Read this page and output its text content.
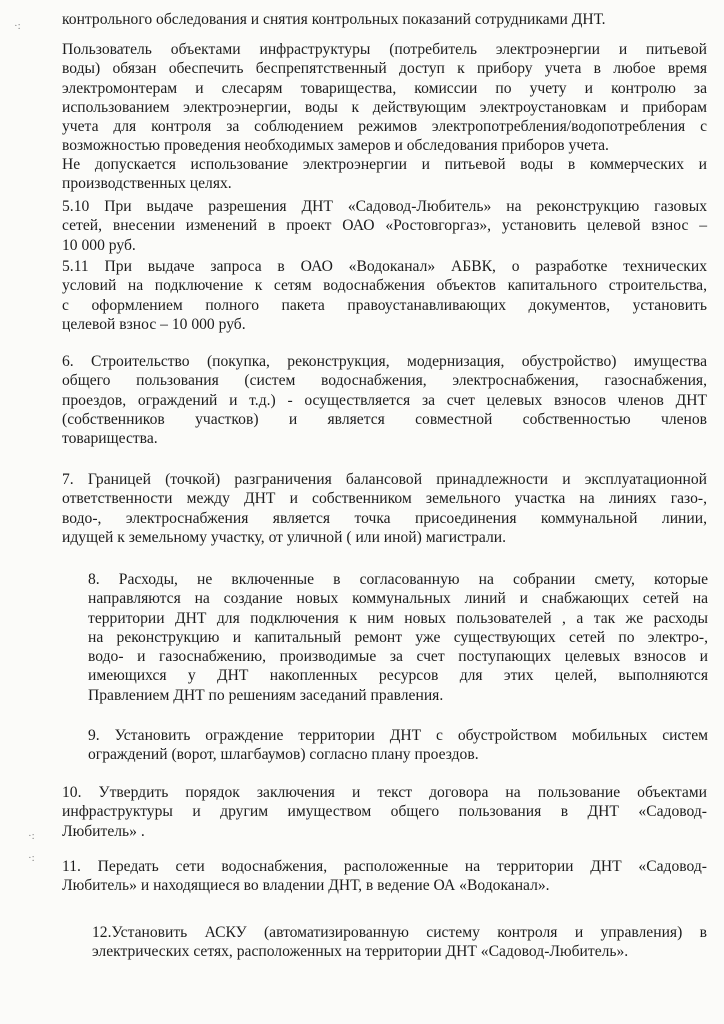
·:
·:
·:
контрольного обследования и снятия контрольных показаний сотрудниками ДНТ.
Пользователь объектами инфраструктуры (потребитель электроэнергии и питьевой
воды) обязан обеспечить беспрепятственный доступ к прибору учета в любое время
электромонтерам и слесарям товарищества, комиссии по учету и контролю за
использованием электроэнергии, воды к действующим электроустановкам и приборам
учета для контроля за соблюдением режимов электропотребления/водопотребления с
возможностью проведения необходимых замеров и обследования приборов учета.
Не допускается использование электроэнергии и питьевой воды в коммерческих и
производственных целях.
5.10 При выдаче разрешения ДНТ «Садовод-Любитель» на реконструкцию газовых
сетей, внесении изменений в проект ОАО «Ростовгоргаз», установить целевой взнос –
10 000 руб.
5.11 При выдаче запроса в ОАО «Водоканал» АБВК, о разработке технических
условий на подключение к сетям водоснабжения объектов капитального строительства,
с оформлением полного пакета правоустанавливающих документов, установить
целевой взнос – 10 000 руб.
6. Строительство (покупка, реконструкция, модернизация, обустройство) имущества
общего пользования (систем водоснабжения, электроснабжения, газоснабжения,
проездов, ограждений и т.д.) - осуществляется за счет целевых взносов членов ДНТ
(собственников участков) и является совместной собственностью членов
товарищества.
7. Границей (точкой) разграничения балансовой принадлежности и эксплуатационной
ответственности между ДНТ и собственником земельного участка на линиях газо-,
водо-, электроснабжения является точка присоединения коммунальной линии,
идущей к земельному участку, от уличной ( или иной) магистрали.
8. Расходы, не включенные в согласованную на собрании смету, которые
направляются на создание новых коммунальных линий и снабжающих сетей на
территории ДНТ для подключения к ним новых пользователей , а так же расходы
на реконструкцию и капитальный ремонт уже существующих сетей по электро-,
водо- и газоснабжению, производимые за счет поступающих целевых взносов и
имеющихся у ДНТ накопленных ресурсов для этих целей, выполняются
Правлением ДНТ по решениям заседаний правления.
9. Установить ограждение территории ДНТ с обустройством мобильных систем
ограждений (ворот, шлагбаумов) согласно плану проездов.
10. Утвердить порядок заключения и текст договора на пользование объектами
инфраструктуры и другим имуществом общего пользования в ДНТ «Садовод-
Любитель» .
11. Передать сети водоснабжения, расположенные на территории ДНТ «Садовод-
Любитель» и находящиеся во владении ДНТ, в ведение ОА «Водоканал».
12.Установить АСКУ (автоматизированную систему контроля и управления) в
электрических сетях, расположенных на территории ДНТ «Садовод-Любитель».
